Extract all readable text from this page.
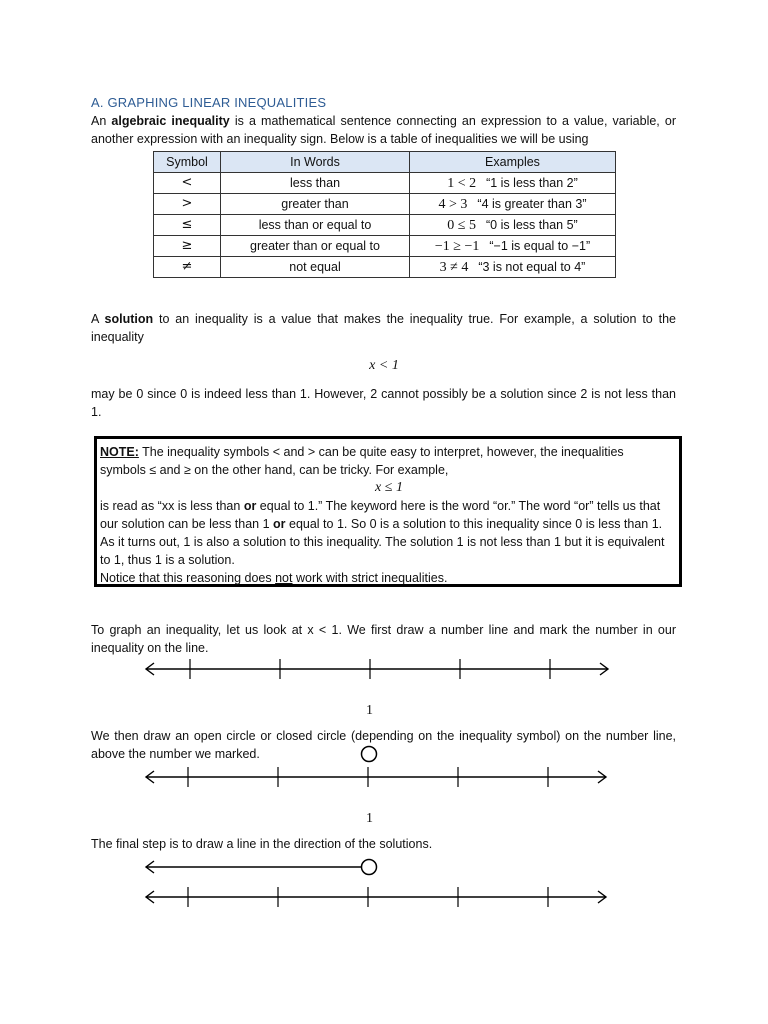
A. GRAPHING LINEAR INEQUALITIES
An algebraic inequality is a mathematical sentence connecting an expression to a value, variable, or another expression with an inequality sign. Below is a table of inequalities we will be using
Symbol	In Words	Examples
<	less than	1 < 2 “1 is less than 2”
>	greater than	4 > 3 “4 is greater than 3”
≤	less than or equal to	0 ≤ 5 “0 is less than 5”
≥	greater than or equal to	−1 ≥ −1 “−1 is equal to −1”
≠	not equal	3 ≠ 4 “3 is not equal to 4”
A solution to an inequality is a value that makes the inequality true. For example, a solution to the inequality
x < 1
may be 0 since 0 is indeed less than 1. However, 2 cannot possibly be a solution since 2 is not less than 1.
NOTE: The inequality symbols < and > can be quite easy to interpret, however, the inequalities
symbols ≤ and ≥ on the other hand, can be tricky. For example,
x ≤ 1
is read as “xx is less than or equal to 1.” The keyword here is the word “or.” The word “or” tells us that
our solution can be less than 1 or equal to 1. So 0 is a solution to this inequality since 0 is less than 1.
As it turns out, 1 is also a solution to this inequality. The solution 1 is not less than 1 but it is equivalent
to 1, thus 1 is a solution.
Notice that this reasoning does not work with strict inequalities.
To graph an inequality, let us look at x < 1. We first draw a number line and mark the number in our inequality on the line.
1
We then draw an open circle or closed circle (depending on the inequality symbol) on the number line, above the number we marked.
1
The final step is to draw a line in the direction of the solutions.
